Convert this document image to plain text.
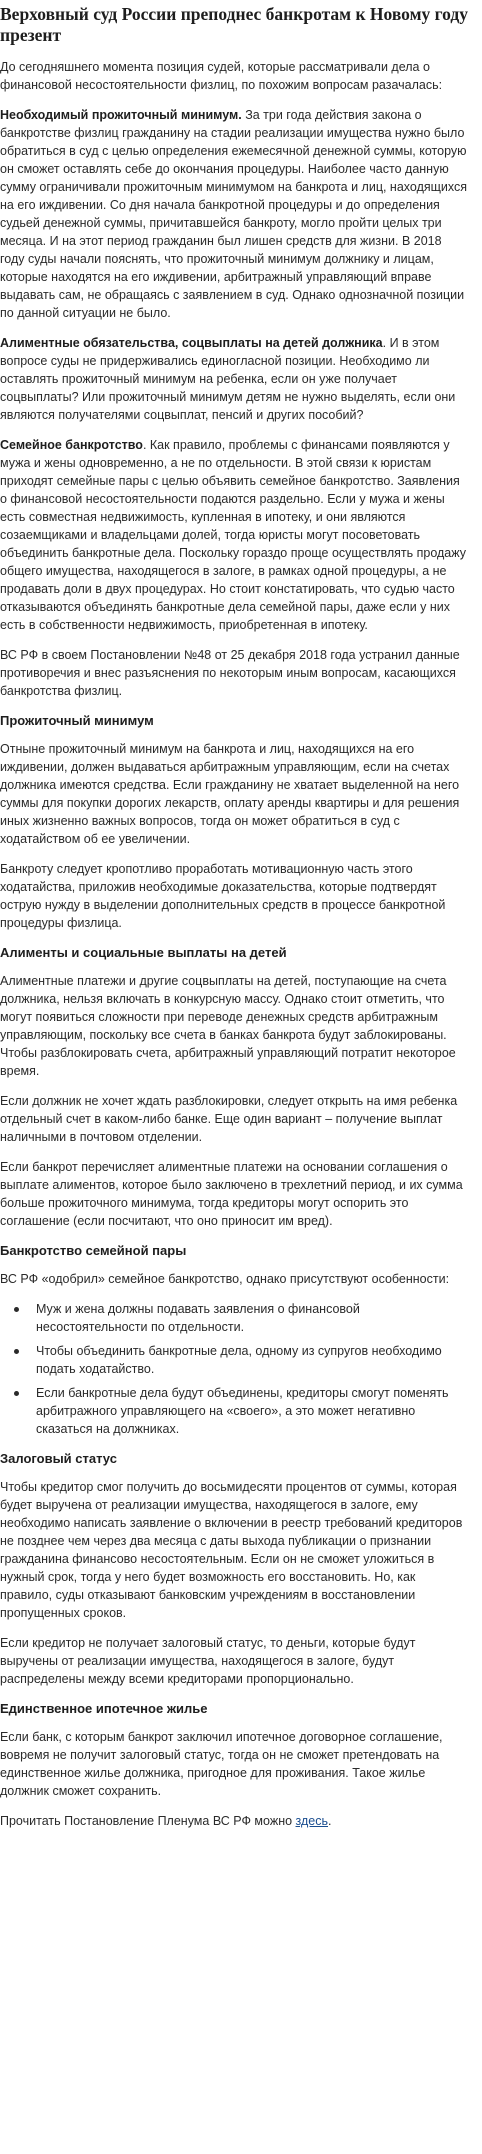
Верховный суд России преподнес банкротам к Новому году презент

До сегодняшнего момента позиция судей, которые рассматривали дела о финансовой несостоятельности физлиц, по похожим вопросам разачалась:

Необходимый прожиточный минимум. За три года действия закона о банкротстве физлиц гражданину на стадии реализации имущества нужно было обратиться в суд с целью определения ежемесячной денежной суммы, которую он сможет оставлять себе до окончания процедуры. Наиболее часто данную сумму ограничивали прожиточным минимумом на банкрота и лиц, находящихся на его иждивении. Со дня начала банкротной процедуры и до определения судьей денежной суммы, причитавшейся банкроту, могло пройти целых три месяца. И на этот период гражданин был лишен средств для жизни. В 2018 году суды начали пояснять, что прожиточный минимум должнику и лицам, которые находятся на его иждивении, арбитражный управляющий вправе выдавать сам, не обращаясь с заявлением в суд. Однако однозначной позиции по данной ситуации не было.

Алиментные обязательства, соцвыплаты на детей должника. И в этом вопросе суды не придерживались единогласной позиции. Необходимо ли оставлять прожиточный минимум на ребенка, если он уже получает соцвыплаты? Или прожиточный минимум детям не нужно выделять, если они являются получателями соцвыплат, пенсий и других пособий?

Семейное банкротство. Как правило, проблемы с финансами появляются у мужа и жены одновременно, а не по отдельности. В этой связи к юристам приходят семейные пары с целью объявить семейное банкротство. Заявления о финансовой несостоятельности подаются раздельно. Если у мужа и жены есть совместная недвижимость, купленная в ипотеку, и они являются созаемщиками и владельцами долей, тогда юристы могут посоветовать объединить банкротные дела. Поскольку гораздо проще осуществлять продажу общего имущества, находящегося в залоге, в рамках одной процедуры, а не продавать доли в двух процедурах. Но стоит констатировать, что судью часто отказываются объединять банкротные дела семейной пары, даже если у них есть в собственности недвижимость, приобретенная в ипотеку.

ВС РФ в своем Постановлении №48 от 25 декабря 2018 года устранил данные противоречия и внес разъяснения по некоторым иным вопросам, касающихся банкротства физлиц.

Прожиточный минимум

Отныне прожиточный минимум на банкрота и лиц, находящихся на его иждивении, должен выдаваться арбитражным управляющим, если на счетах должника имеются средства. Если гражданину не хватает выделенной на него суммы для покупки дорогих лекарств, оплату аренды квартиры и для решения иных жизненно важных вопросов, тогда он может обратиться в суд с ходатайством об ее увеличении.

Банкроту следует кропотливо проработать мотивационную часть этого ходатайства, приложив необходимые доказательства, которые подтвердят острую нужду в выделении дополнительных средств в процессе банкротной процедуры физлица.

Алименты и социальные выплаты на детей

Алиментные платежи и другие соцвыплаты на детей, поступающие на счета должника, нельзя включать в конкурсную массу. Однако стоит отметить, что могут появиться сложности при переводе денежных средств арбитражным управляющим, поскольку все счета в банках банкрота будут заблокированы. Чтобы разблокировать счета, арбитражный управляющий потратит некоторое время.

Если должник не хочет ждать разблокировки, следует открыть на имя ребенка отдельный счет в каком-либо банке. Еще один вариант – получение выплат наличными в почтовом отделении.

Если банкрот перечисляет алиментные платежи на основании соглашения о выплате алиментов, которое было заключено в трехлетний период, и их сумма больше прожиточного минимума, тогда кредиторы могут оспорить это соглашение (если посчитают, что оно приносит им вред).

Банкротство семейной пары

ВС РФ «одобрил» семейное банкротство, однако присутствуют особенности:

Муж и жена должны подавать заявления о финансовой несостоятельности по отдельности.
Чтобы объединить банкротные дела, одному из супругов необходимо подать ходатайство.
Если банкротные дела будут объединены, кредиторы смогут поменять арбитражного управляющего на «своего», а это может негативно сказаться на должниках.
Залоговый статус

Чтобы кредитор смог получить до восьмидесяти процентов от суммы, которая будет выручена от реализации имущества, находящегося в залоге, ему необходимо написать заявление о включении в реестр требований кредиторов не позднее чем через два месяца с даты выхода публикации о признании гражданина финансово несостоятельным. Если он не сможет уложиться в нужный срок, тогда у него будет возможность его восстановить. Но, как правило, суды отказывают банковским учреждениям в восстановлении пропущенных сроков.

Если кредитор не получает залоговый статус, то деньги, которые будут выручены от реализации имущества, находящегося в залоге, будут распределены между всеми кредиторами пропорционально.

Единственное ипотечное жилье

Если банк, с которым банкрот заключил ипотечное договорное соглашение, вовремя не получит залоговый статус, тогда он не сможет претендовать на единственное жилье должника, пригодное для проживания. Такое жилье должник сможет сохранить.

Прочитать Постановление Пленума ВС РФ можно здесь.
